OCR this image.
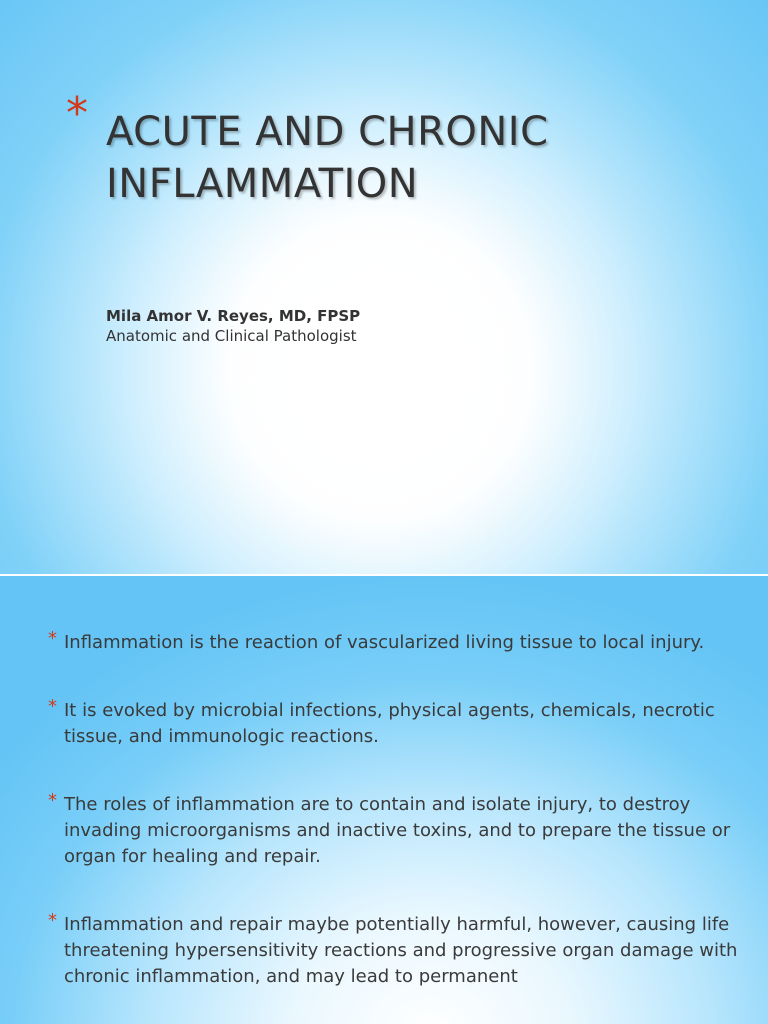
* ACUTE AND CHRONIC
INFLAMMATION
Mila Amor V. Reyes, MD, FPSP
Anatomic and Clinical Pathologist
* Inflammation is the reaction of vascularized living tissue to local injury.
* It is evoked by microbial infections, physical agents, chemicals, necrotic tissue, and immunologic reactions.
* The roles of inflammation are to contain and isolate injury, to destroy invading microorganisms and inactive toxins, and to prepare the tissue or organ for healing and repair.
* Inflammation and repair maybe potentially harmful, however, causing life threatening hypersensitivity reactions and progressive organ damage with chronic inflammation, and may lead to permanent
